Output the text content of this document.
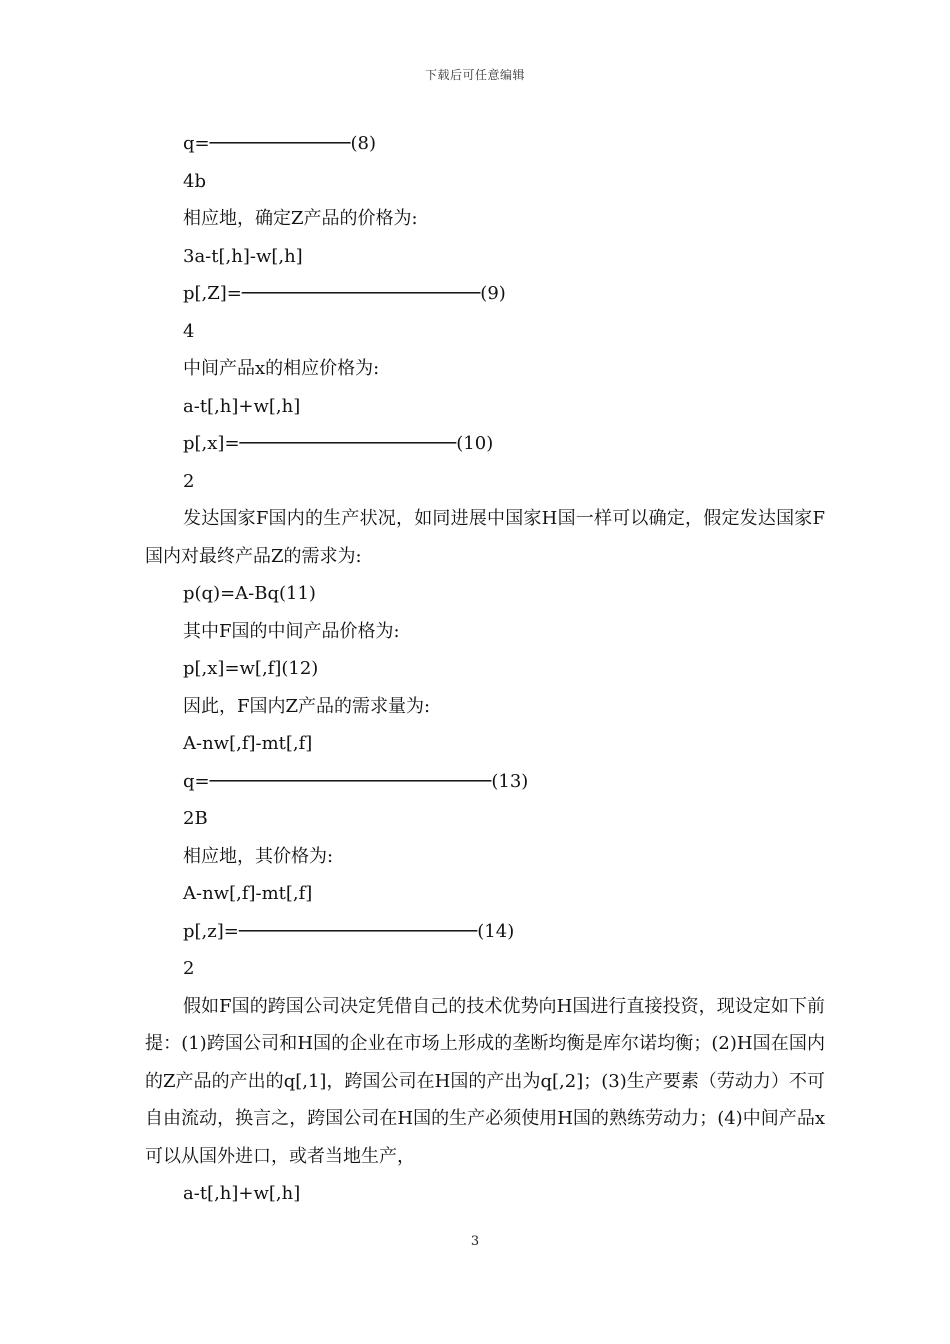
下载后可任意编辑
q=─────────────(8)
4b
相应地，确定Z产品的价格为:
3a-t[,h]-w[,h]
p[,Z]=──────────────────────(9)
4
中间产品x的相应价格为:
a-t[,h]+w[,h]
p[,x]=────────────────────(10)
2
发达国家F国内的生产状况，如同进展中国家H国一样可以确定，假定发达国家F国内对最终产品Z的需求为:
p(q)=A-Bq(11)
其中F国的中间产品价格为:
p[,x]=w[,f](12)
因此，F国内Z产品的需求量为:
A-nw[,f]-mt[,f]
q=──────────────────────────(13)
2B
相应地，其价格为:
A-nw[,f]-mt[,f]
p[,z]=──────────────────────(14)
2
假如F国的跨国公司决定凭借自己的技术优势向H国进行直接投资，现设定如下前提：(1)跨国公司和H国的企业在市场上形成的垄断均衡是库尔诺均衡；(2)H国在国内的Z产品的产出的q[,1]，跨国公司在H国的产出为q[,2]；(3)生产要素（劳动力）不可自由流动，换言之，跨国公司在H国的生产必须使用H国的熟练劳动力；(4)中间产品x可以从国外进口，或者当地生产，
a-t[,h]+w[,h]
3
